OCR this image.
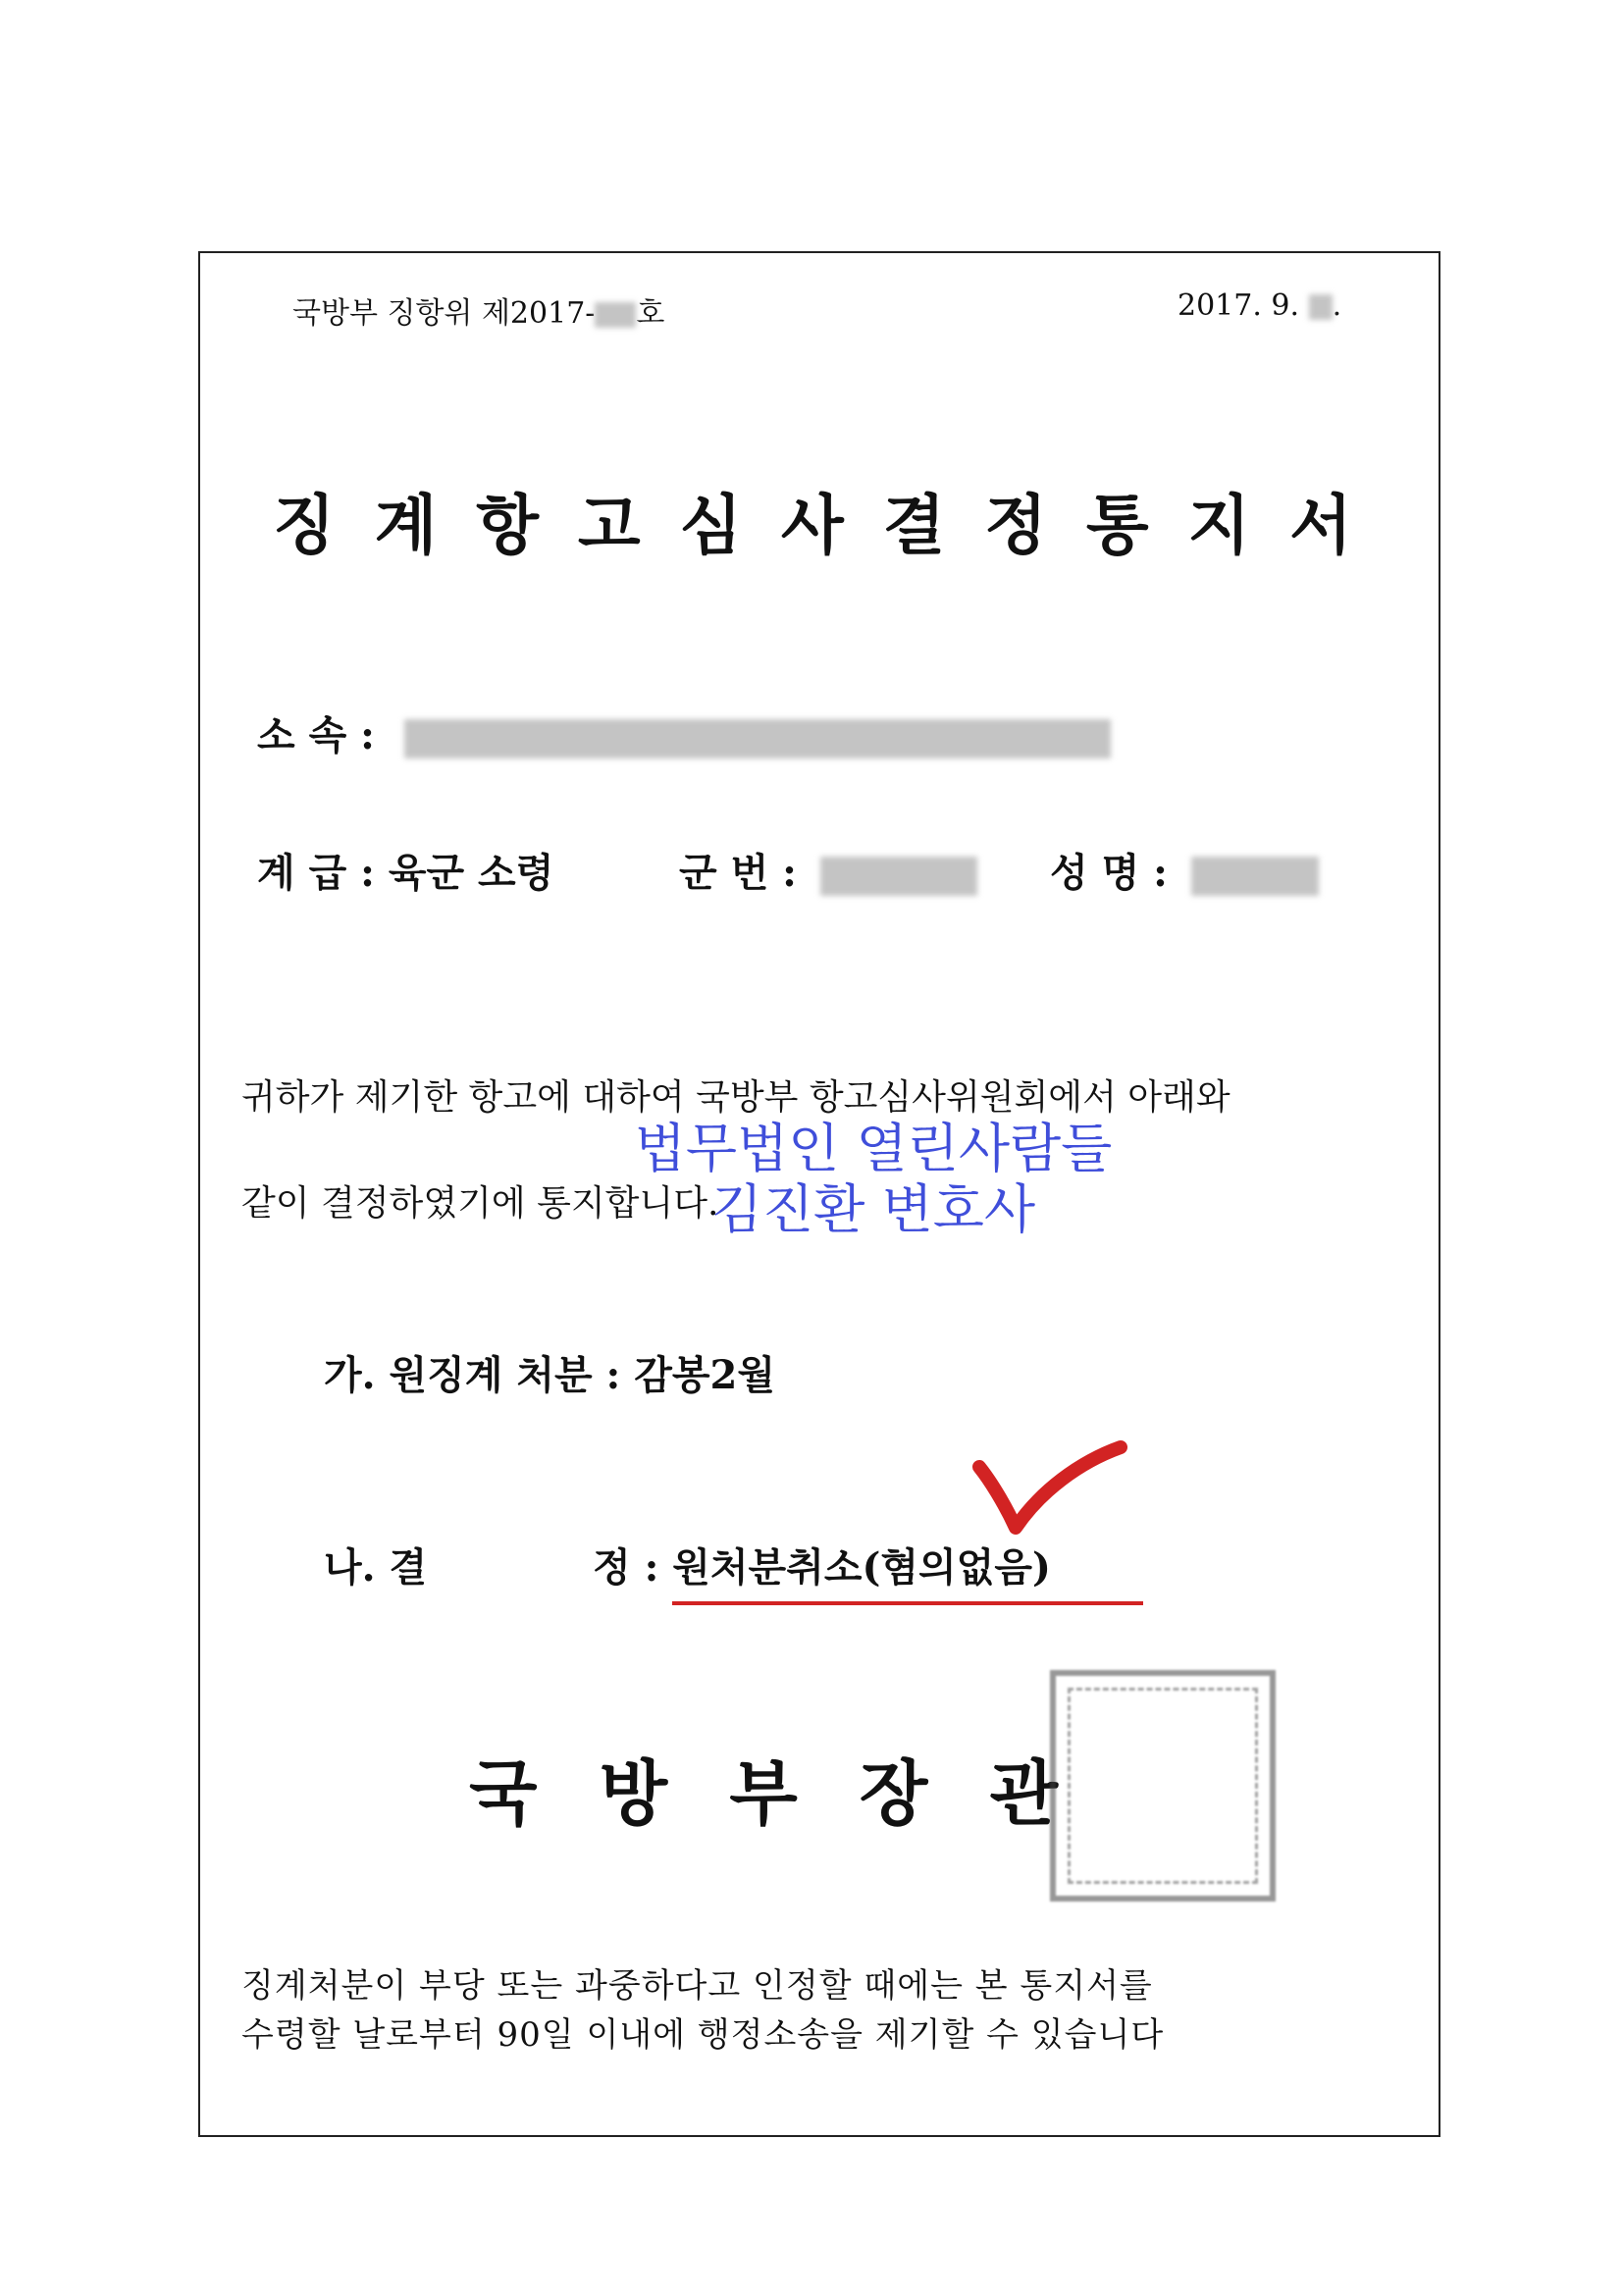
국방부 징항위 제2017- 호	2017. 9. .
징 계 항 고 심 사 결 정 통 지 서
소 속 :
계 급 : 육군 소령	군 번 :	성 명 :
귀하가 제기한 항고에 대하여 국방부 항고심사위원회에서 아래와
같이 결정하였기에 통지합니다.
법무법인 열린사람들
김진환 변호사
가. 원징계 처분 : 감봉2월
나. 결	정 : 원처분취소(혐의없음)
국 방 부 장 관
징계처분이 부당 또는 과중하다고 인정할 때에는 본 통지서를
수령할 날로부터 90일 이내에 행정소송을 제기할 수 있습니다
